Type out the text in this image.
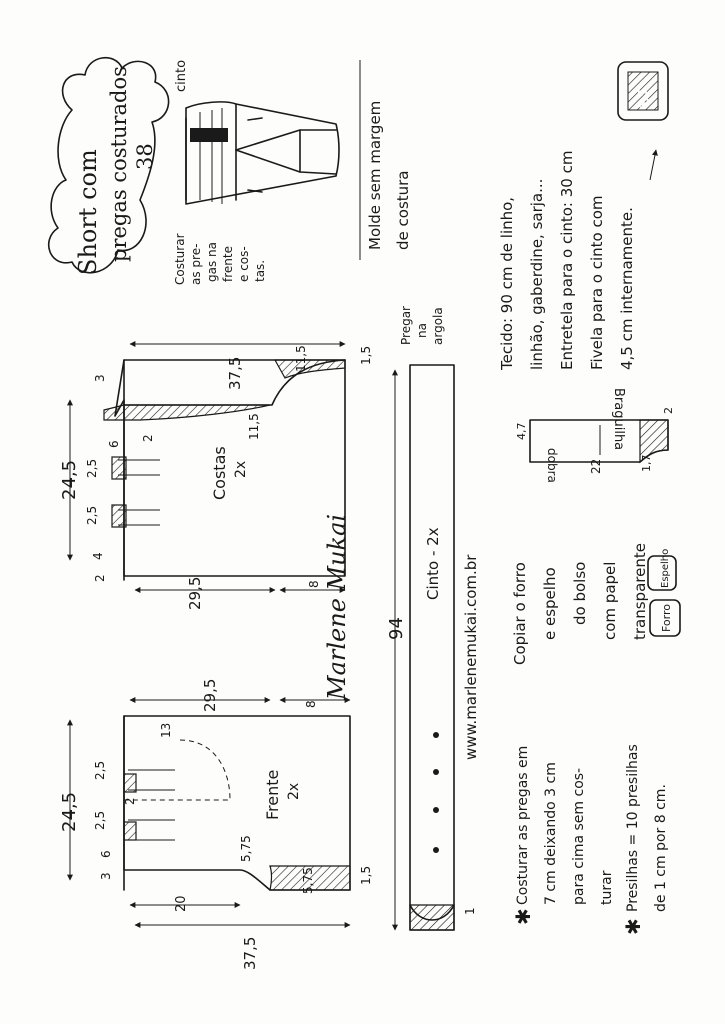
Short com pregas costurados 38
cinto
Costurar as pre- gas na frente e cos- tas.
Molde sem margem de costura	Tecido: 90 cm de linho, linhão, gaberdine, sarja... Entretela para o cinto: 30 cm Fivela para o cinto com 4,5 cm internamente.
4,5
Costas 2x
24,5
29,5
37,5
11,5
11,5	1,5
8
3
6
2
2,5
2,5
4
2	Marlene Mukai
Frente 2x
24,5
29,5	8
37,5
20
5,75
5,75
13
1,5
2,5
2
2,5
6
3
Cinto - 2x
94
Pregar na argola
1
www.marlenemukai.com.br
Braguilha
dobra	22
4,7
1,7
2
Copiar o forro e espelho do bolso com papel transparente Espelho
Forro
✱
Costurar as pregas em 7 cm deixando 3 cm para cima sem cos- turar
✱
Presilhas = 10 presilhas de 1 cm por 8 cm.
